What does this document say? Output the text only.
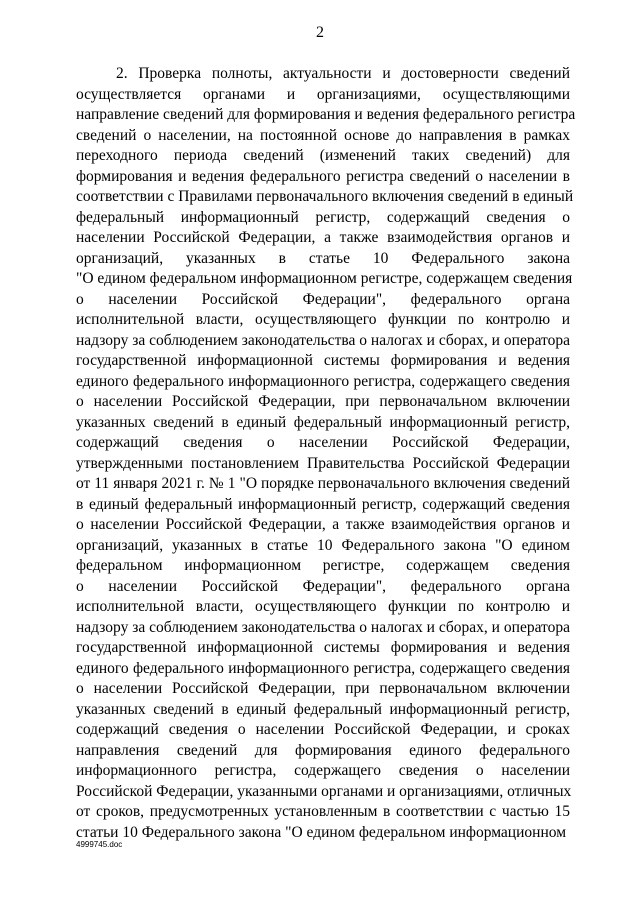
2
2. Проверка полноты, актуальности и достоверности сведений
осуществляется органами и организациями, осуществляющими
направление сведений для формирования и ведения федерального регистра
сведений о населении, на постоянной основе до направления в рамках
переходного периода сведений (изменений таких сведений) для
формирования и ведения федерального регистра сведений о населении в
соответствии с Правилами первоначального включения сведений в единый
федеральный информационный регистр, содержащий сведения о
населении Российской Федерации, а также взаимодействия органов и
организаций, указанных в статье 10 Федерального закона
"О едином федеральном информационном регистре, содержащем сведения
о населении Российской Федерации", федерального органа
исполнительной власти, осуществляющего функции по контролю и
надзору за соблюдением законодательства о налогах и сборах, и оператора
государственной информационной системы формирования и ведения
единого федерального информационного регистра, содержащего сведения
о населении Российской Федерации, при первоначальном включении
указанных сведений в единый федеральный информационный регистр,
содержащий сведения о населении Российской Федерации,
утвержденными постановлением Правительства Российской Федерации
от 11 января 2021 г. № 1 "О порядке первоначального включения сведений
в единый федеральный информационный регистр, содержащий сведения
о населении Российской Федерации, а также взаимодействия органов и
организаций, указанных в статье 10 Федерального закона "О едином
федеральном информационном регистре, содержащем сведения
о населении Российской Федерации", федерального органа
исполнительной власти, осуществляющего функции по контролю и
надзору за соблюдением законодательства о налогах и сборах, и оператора
государственной информационной системы формирования и ведения
единого федерального информационного регистра, содержащего сведения
о населении Российской Федерации, при первоначальном включении
указанных сведений в единый федеральный информационный регистр,
содержащий сведения о населении Российской Федерации, и сроках
направления сведений для формирования единого федерального
информационного регистра, содержащего сведения о населении
Российской Федерации, указанными органами и организациями, отличных
от сроков, предусмотренных установленным в соответствии с частью 15
статьи 10 Федерального закона "О едином федеральном информационном
4999745.doc
